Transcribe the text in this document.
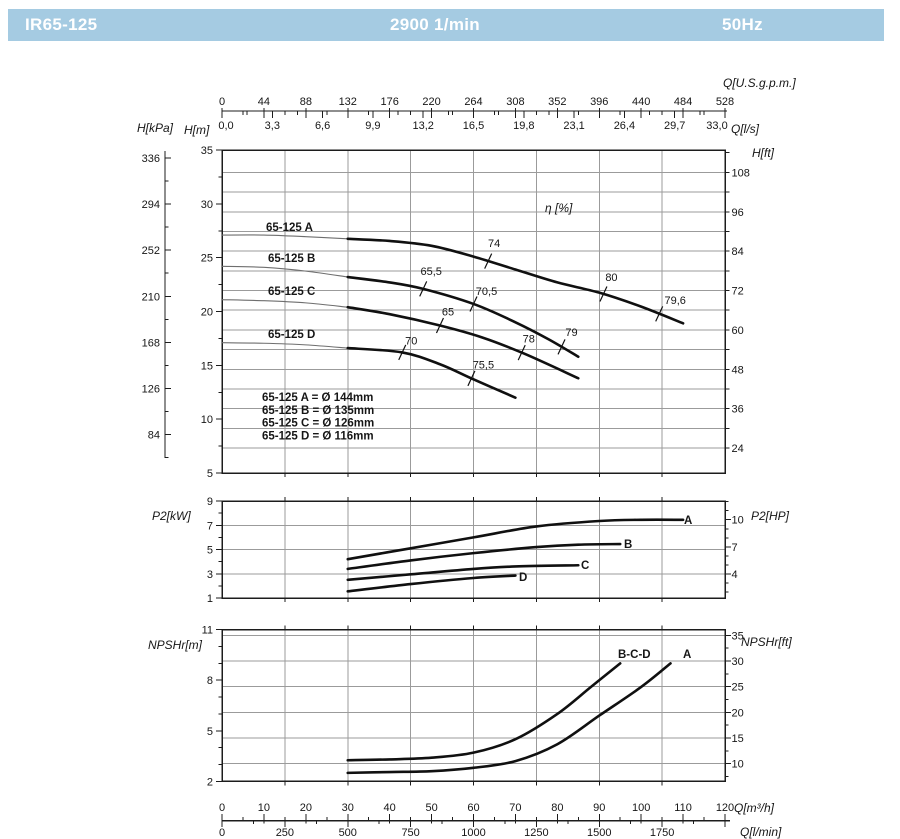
IR65-125	2900 1/min	50Hz
35
30
25
20
15
10
5
108
96
84
72
60
48
36
24
336
294
252
210
168
126
84
H[kPa] H[m]
H[ft]
η [%]
65-125 A
65-125 B
65-125 C
65-125 D
74
80
79,6
65,5
70,5
79
65
78
70
75,5
65-125 A = Ø 144mm
65-125 B = Ø 135mm
65-125 C = Ø 126mm
65-125 D = Ø 116mm
9
7
5
3
1
10
7
4
P2[kW]	P2[HP]
A
B
C
D
11
8
5
2
35
30
25
20
15
10
NPSHr[m]	NPSHr[ft]
B-C-D	A
0	44	88 132 176 220 264 308 352 396 440 484 528
0,0	3,3	6,6	9,9	13,2	16,5	19,8	23,1	26,4	29,7 33,0
Q[U.S.g.p.m.]
Q[l/s]
0	10	20	30	40	50	60	70	80	90 100 110 120
0	250	500	750	1000	1250	1500	1750
Q[m³/h]
Q[l/min]
